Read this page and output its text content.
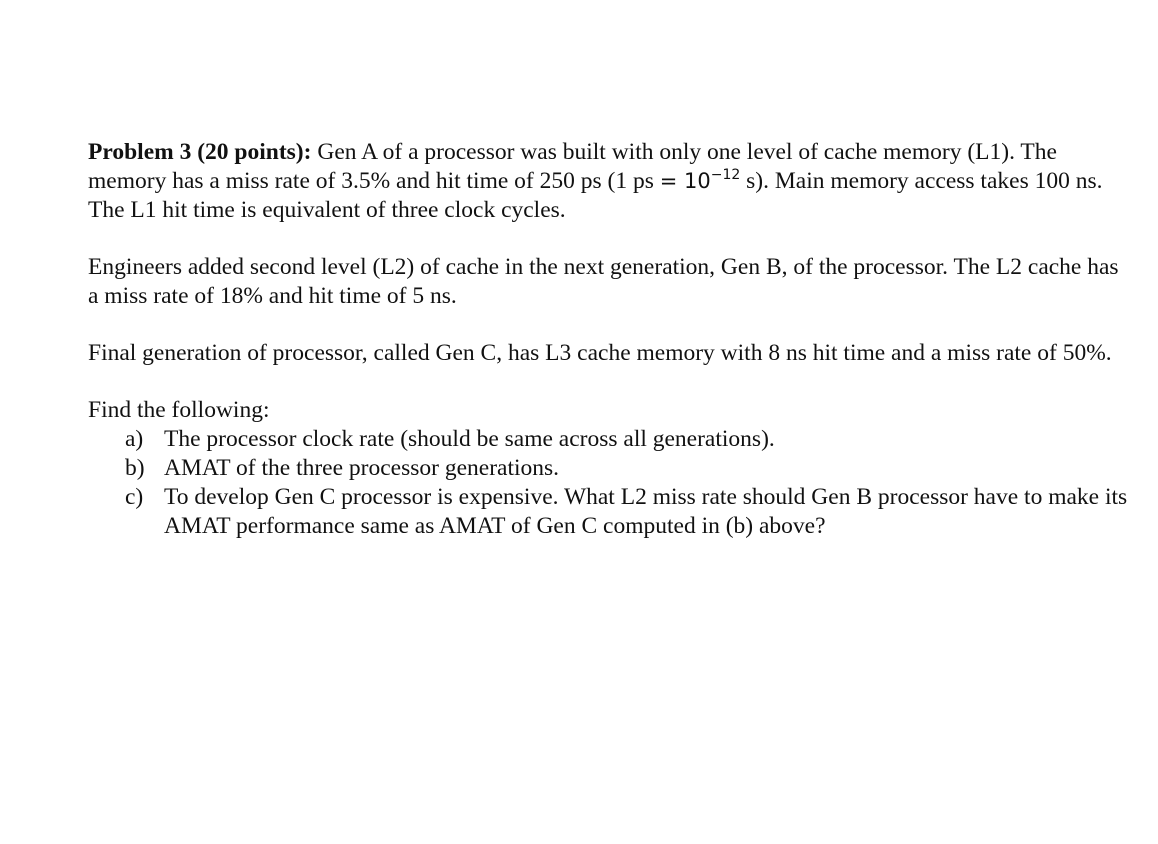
Problem 3 (20 points): Gen A of a processor was built with only one level of cache memory (L1). The memory has a miss rate of 3.5% and hit time of 250 ps (1 ps = $10^{-12}$ s). Main memory access takes 100 ns. The L1 hit time is equivalent of three clock cycles.

Engineers added second level (L2) of cache in the next generation, Gen B, of the processor. The L2 cache has a miss rate of 18% and hit time of 5 ns.

Final generation of processor, called Gen C, has L3 cache memory with 8 ns hit time and a miss rate of 50%.

Find the following:
a) The processor clock rate (should be same across all generations).
b) AMAT of the three processor generations.
c) To develop Gen C processor is expensive. What L2 miss rate should Gen B processor have to make its AMAT performance same as AMAT of Gen C computed in (b) above?
